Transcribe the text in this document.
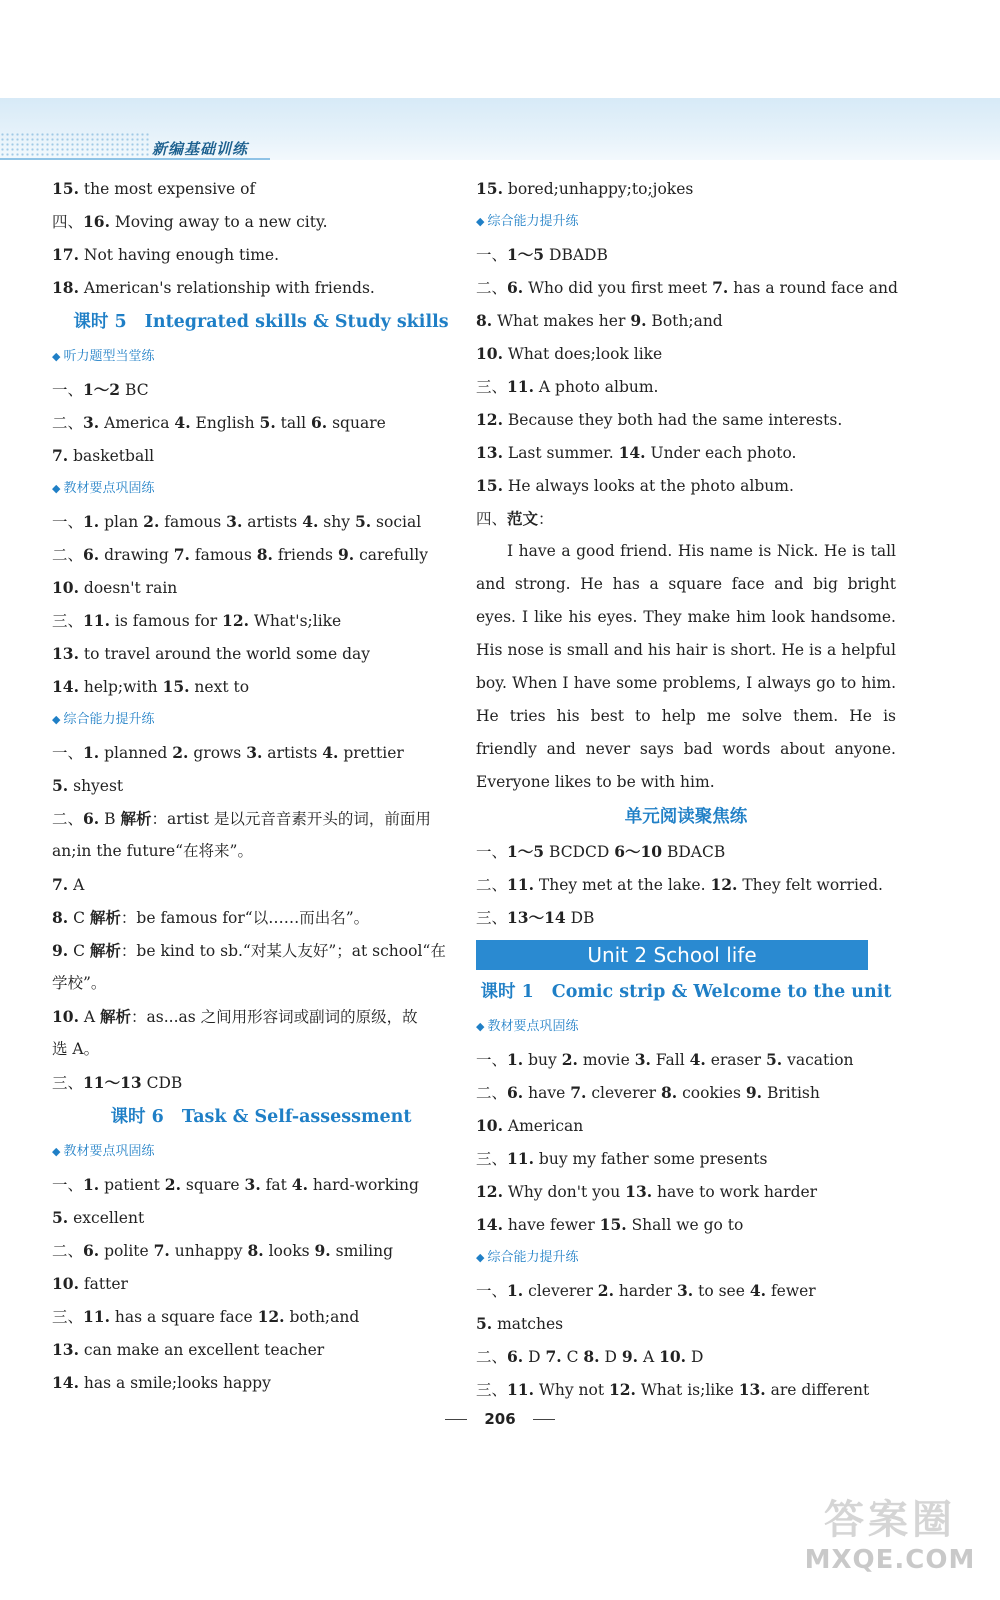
新编基础训练
15. the most expensive of
四、16. Moving away to a new city.
17. Not having enough time.
18. American's relationship with friends.
课时 5 Integrated skills & Study skills
◆ 听力题型当堂练
一、1～2 BC
二、3. America 4. English 5. tall 6. square
7. basketball
◆ 教材要点巩固练
一、1. plan 2. famous 3. artists 4. shy 5. social
二、6. drawing 7. famous 8. friends 9. carefully
10. doesn't rain
三、11. is famous for 12. What's;like
13. to travel around the world some day
14. help;with 15. next to
◆ 综合能力提升练
一、1. planned 2. grows 3. artists 4. prettier
5. shyest
二、6. B 解析：artist 是以元音音素开头的词，前面用
an;in the future“在将来”。
7. A
8. C 解析：be famous for“以……而出名”。
9. C 解析：be kind to sb.“对某人友好”；at school“在
学校”。
10. A 解析：as...as 之间用形容词或副词的原级，故
选 A。
三、11～13 CDB
课时 6 Task & Self-assessment
◆ 教材要点巩固练
一、1. patient 2. square 3. fat 4. hard-working
5. excellent
二、6. polite 7. unhappy 8. looks 9. smiling
10. fatter
三、11. has a square face 12. both;and
13. can make an excellent teacher
14. has a smile;looks happy
15. bored;unhappy;to;jokes
◆ 综合能力提升练
一、1～5 DBADB
二、6. Who did you first meet 7. has a round face and
8. What makes her 9. Both;and
10. What does;look like
三、11. A photo album.
12. Because they both had the same interests.
13. Last summer. 14. Under each photo.
15. He always looks at the photo album.
四、范文：
I have a good friend. His name is Nick. He is tall and strong. He has a square face and big bright eyes. I like his eyes. They make him look handsome. His nose is small and his hair is short. He is a helpful boy. When I have some problems, I always go to him. He tries his best to help me solve them. He is friendly and never says bad words about anyone. Everyone likes to be with him.
单元阅读聚焦练
一、1～5 BCDCD 6～10 BDACB
二、11. They met at the lake. 12. They felt worried.
三、13～14 DB
Unit 2 School life
课时 1 Comic strip & Welcome to the unit
◆ 教材要点巩固练
一、1. buy 2. movie 3. Fall 4. eraser 5. vacation
二、6. have 7. cleverer 8. cookies 9. British
10. American
三、11. buy my father some presents
12. Why don't you 13. have to work harder
14. have fewer 15. Shall we go to
◆ 综合能力提升练
一、1. cleverer 2. harder 3. to see 4. fewer
5. matches
二、6. D 7. C 8. D 9. A 10. D
三、11. Why not 12. What is;like 13. are different
206
答案圈
MXQE.COM
